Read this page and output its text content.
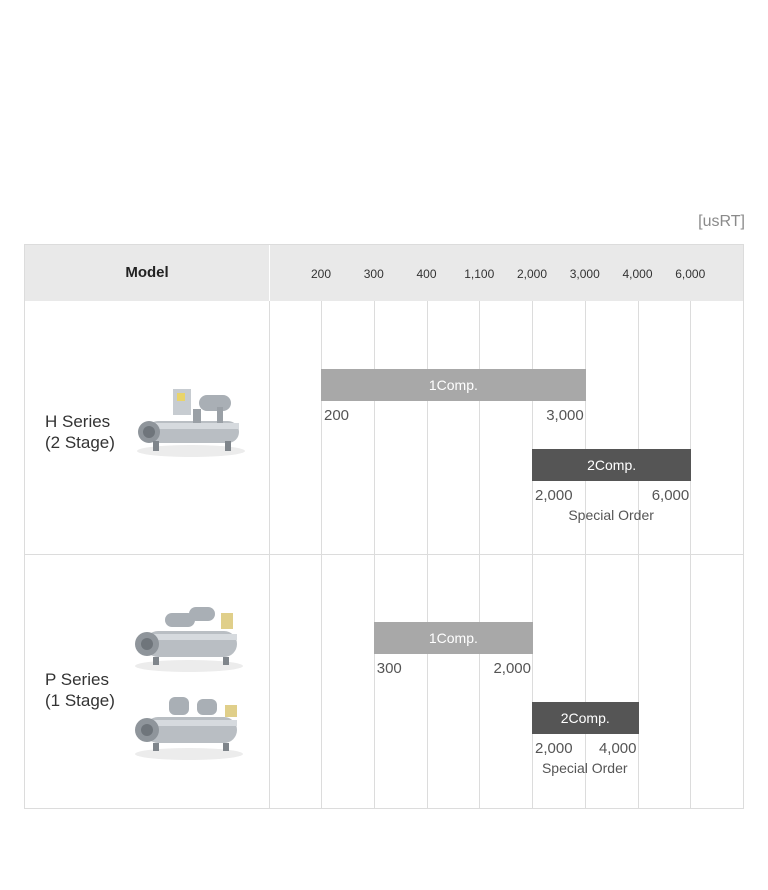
[usRT]
Model	200	300	400 1,100 2,000 3,000 4,000 6,000
H Series
(2 Stage)
P Series
(1 Stage)
1Comp.
200	3,000
2Comp.
2,000	6,000
Special Order
1Comp.
300	2,000
2Comp.
2,000 4,000
Special Order
